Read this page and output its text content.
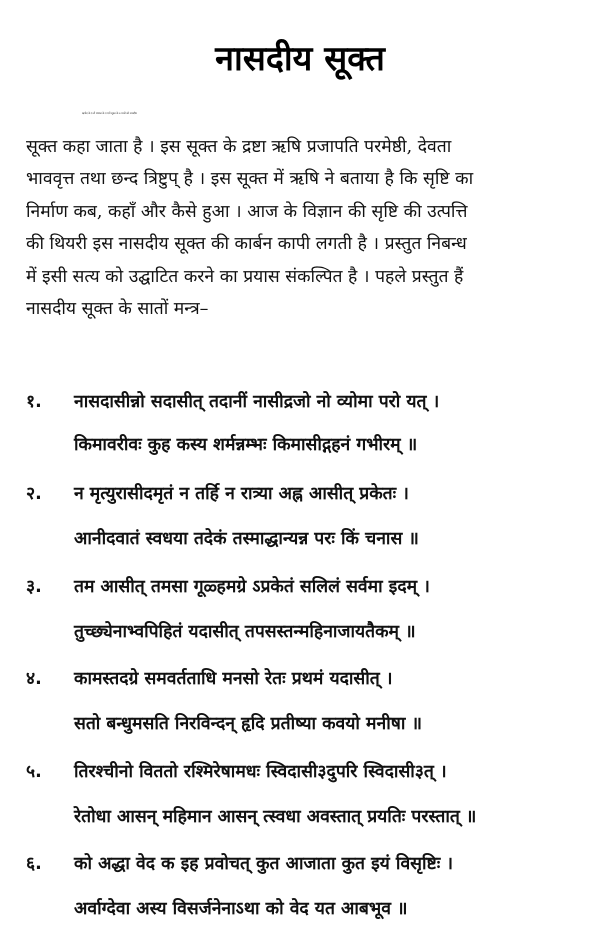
नासदीय सूक्त
ऋग्वेद के १०वें मण्डल के १२९वें सूक्त के ७ मन्त्रों को नासदीय
सूक्त कहा जाता है । इस सूक्त के द्रष्टा ऋषि प्रजापति परमेष्ठी, देवता
भाववृत्त तथा छन्द त्रिष्टुप् है । इस सूक्त में ऋषि ने बताया है कि सृष्टि का
निर्माण कब, कहाँ और कैसे हुआ । आज के विज्ञान की सृष्टि की उत्पत्ति
की थियरी इस नासदीय सूक्त की कार्बन कापी लगती है । प्रस्तुत निबन्ध
में इसी सत्य को उद्घाटित करने का प्रयास संकल्पित है । पहले प्रस्तुत हैं
नासदीय सूक्त के सातों मन्त्र–
१.	नासदासीन्नो सदासीत् तदानीं नासीद्रजो नो व्योमा परो यत् ।
किमावरीवः कुह कस्य शर्मन्नम्भः किमासीद्गहनं गभीरम् ॥
२.	न मृत्युरासीदमृतं न तर्हि न रात्र्या अह्न आसीत् प्रकेतः ।
आनीदवातं स्वधया तदेकं तस्माद्धान्यन्न परः किं चनास ॥
३.	तम आसीत् तमसा गूळ्हमग्रे ऽप्रकेतं सलिलं सर्वमा इदम् ।
तुच्छ्येनाभ्वपिहितं यदासीत् तपसस्तन्महिनाजायतैकम् ॥
४.	कामस्तदग्रे समवर्तताधि मनसो रेतः प्रथमं यदासीत् ।
सतो बन्धुमसति निरविन्दन् हृदि प्रतीष्या कवयो मनीषा ॥
५.	तिरश्चीनो विततो रश्मिरेषामधः स्विदासी३दुपरि स्विदासी३त् ।
रेतोधा आसन् महिमान आसन् त्स्वधा अवस्तात् प्रयतिः परस्तात् ॥
६.	को अद्धा वेद क इह प्रवोचत् कुत आजाता कुत इयं विसृष्टिः ।
अर्वाग्देवा अस्य विसर्जनेनाऽथा को वेद यत आबभूव ॥
